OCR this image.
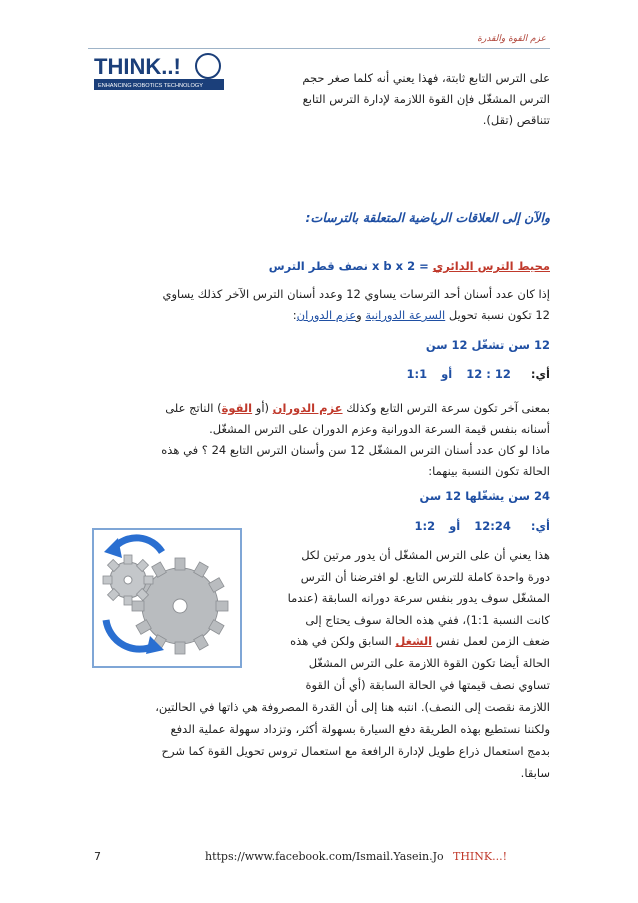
عزم القوة والقدرة
THINK..!
ENHANCING ROBOTICS TECHNOLOGY
على الترس التابع ثابتة، فهذا يعني أنه كلما صغر حجم
الترس المشغّل فإن القوة اللازمة لإدارة الترس التابع
تتناقص (تقل).
والآن إلى العلاقات الرياضية المتعلقة بالترسات:
محيط الترس الدائري = x b x 2 نصف قطر الترس
إذا كان عدد أسنان أحد الترسات يساوي 12 وعدد أسنان الترس الآخر كذلك يساوي
12 تكون نسبة تحويل السرعة الدورانية وعزم الدوران:
12 سن تشغّل 12 سن
أي:  12 : 12  أو  1:1
بمعنى آخر تكون سرعة الترس التابع وكذلك عزم الدوران (أو القوة) الناتج على
أسنانه بنفس قيمة السرعة الدورانية وعزم الدوران على الترس المشغّل.
ماذا لو كان عدد أسنان الترس المشغّل 12 سن وأسنان الترس التابع 24 ؟ في هذه
الحالة تكون النسبة بينهما:
24 سن يشغّلها 12 سن
أي:  12:24  أو  1:2
هذا يعني أن على الترس المشغّل أن يدور مرتين لكل
دورة واحدة كاملة للترس التابع. لو افترضنا أن الترس
المشغّل سوف يدور بنفس سرعة دورانه السابقة (عندما
كانت النسبة 1:1)، ففي هذه الحالة سوف يحتاج إلى
ضعف الزمن لعمل نفس الشغل السابق ولكن في هذه
الحالة أيضا تكون القوة اللازمة على الترس المشغّل
تساوي نصف قيمتها في الحالة السابقة (أي أن القوة
اللازمة نقصت إلى النصف). انتبه هنا إلى أن القدرة المصروفة هي ذاتها في الحالتين،
ولكننا نستطيع بهذه الطريقة دفع السيارة بسهولة أكثر، وتزداد سهولة عملية الدفع
بدمج استعمال ذراع طويل لإدارة الرافعة مع استعمال تروس تحويل القوة كما شرح
سابقا.
7	https://www.facebook.com/Ismail.Yasein.Jo THINK...!
